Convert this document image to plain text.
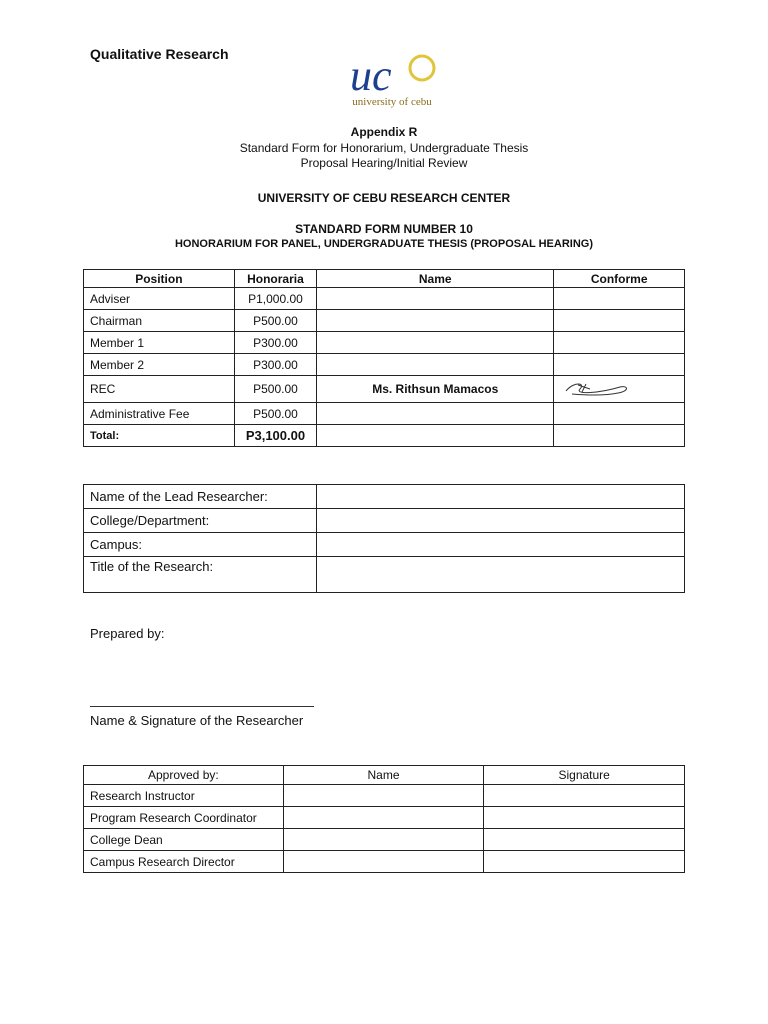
Qualitative Research	uc
university of cebu
Appendix R
Standard Form for Honorarium, Undergraduate Thesis
Proposal Hearing/Initial Review
UNIVERSITY OF CEBU RESEARCH CENTER
STANDARD FORM NUMBER 10
HONORARIUM FOR PANEL, UNDERGRADUATE THESIS (PROPOSAL HEARING)
Position	Honoraria	Name	Conforme
Adviser	P1,000.00		
Chairman	P500.00		
Member 1	P300.00		
Member 2	P300.00		
REC	P500.00	Ms. Rithsun Mamacos	
Administrative Fee	P500.00		
Total:	P3,100.00		
Name of the Lead Researcher:	
College/Department:	
Campus:	
Title of the Research:	
Prepared by:
Name & Signature of the Researcher
Approved by:	Name	Signature
Research Instructor		
Program Research Coordinator		
College Dean		
Campus Research Director		
